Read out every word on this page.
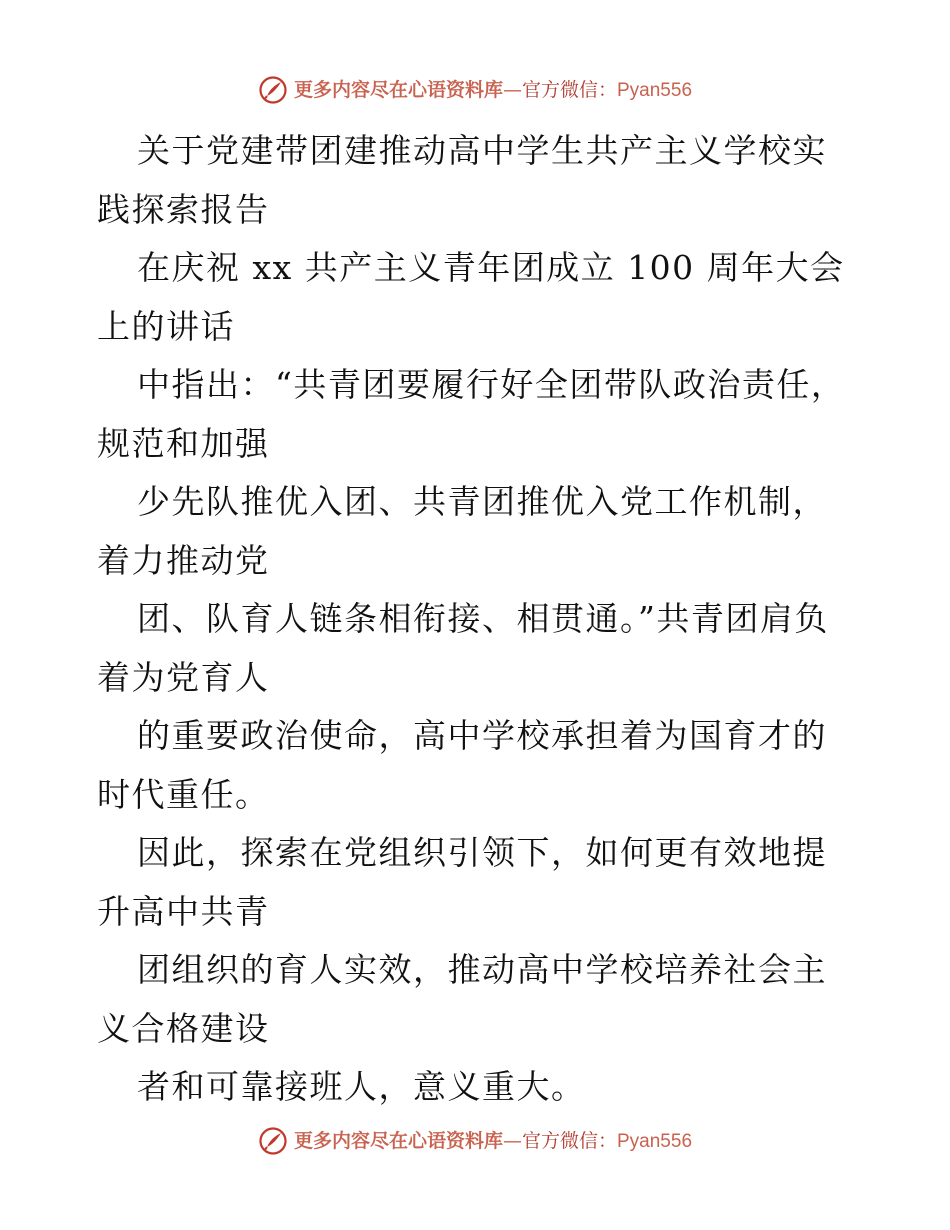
更多内容尽在心语资料库—官方微信：Pyan556

关于党建带团建推动高中学生共产主义学校实践探索报告

在庆祝 xx 共产主义青年团成立 100 周年大会上的讲话

中指出：“共青团要履行好全团带队政治责任，规范和加强

少先队推优入团、共青团推优入党工作机制，着力推动党

团、队育人链条相衔接、相贯通。”共青团肩负着为党育人

的重要政治使命，高中学校承担着为国育才的时代重任。

因此，探索在党组织引领下，如何更有效地提升高中共青

团组织的育人实效，推动高中学校培养社会主义合格建设

者和可靠接班人，意义重大。

更多内容尽在心语资料库—官方微信：Pyan556
